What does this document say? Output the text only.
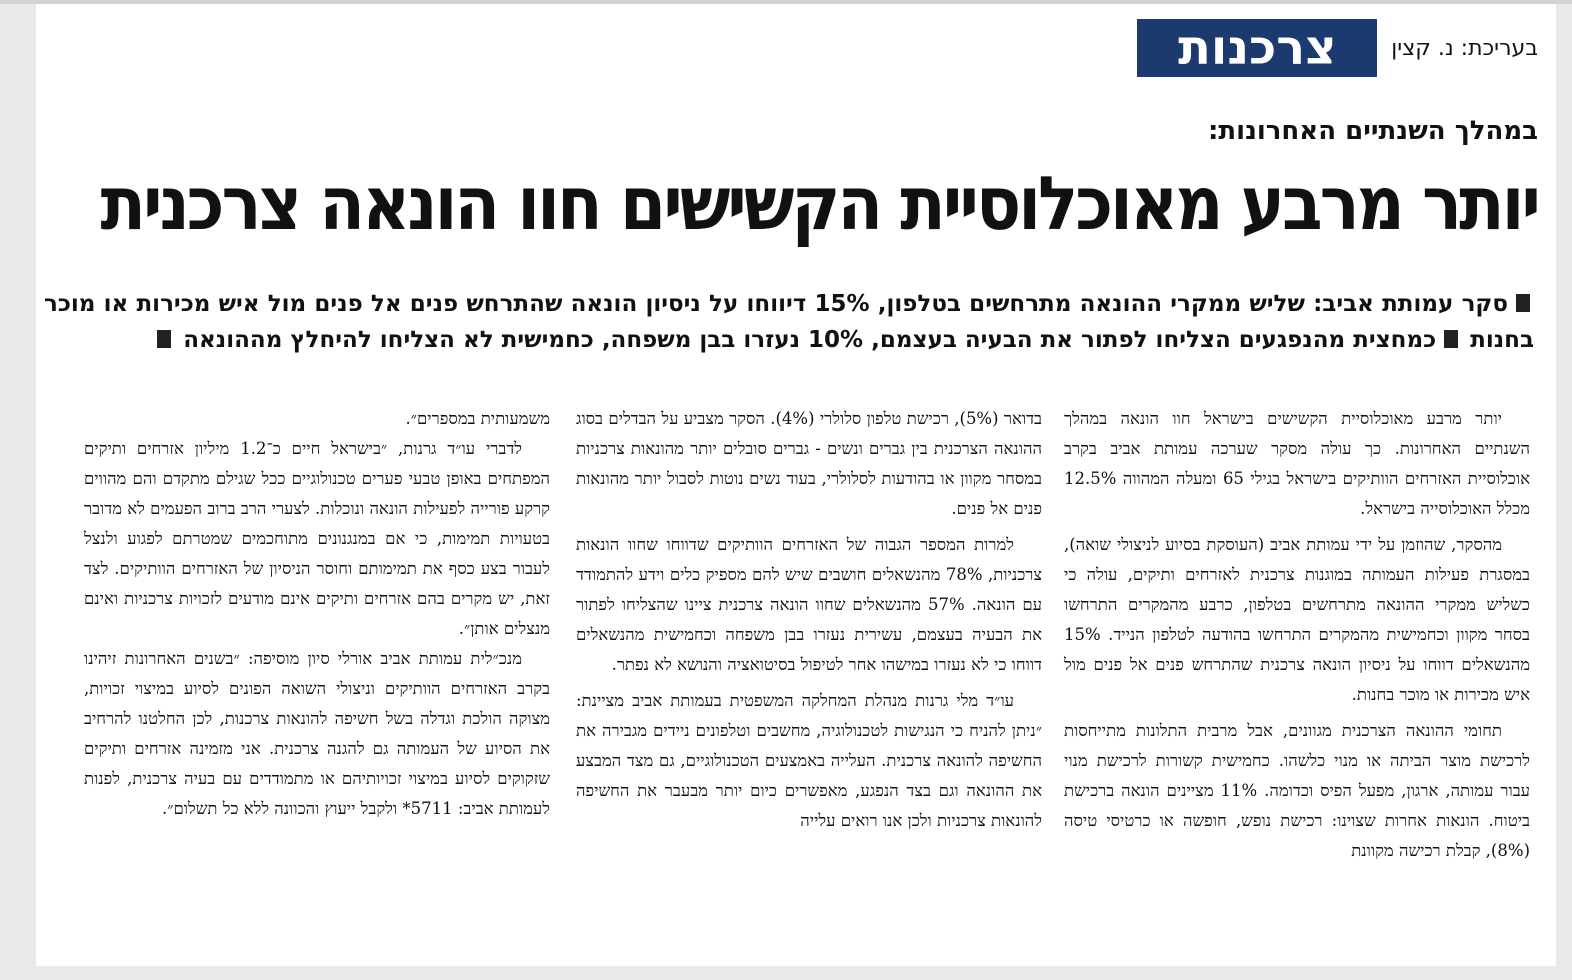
בעריכת: נ. קצין
צרכנות
במהלך השנתיים האחרונות:
יותר מרבע מאוכלוסיית הקשישים חוו הונאה צרכנית
סקר עמותת אביב: שליש ממקרי ההונאה מתרחשים בטלפון, 15% דיווחו על ניסיון הונאה שהתרחש פנים אל פנים מול איש מכירות או מוכר בחנות כמחצית מהנפגעים הצליחו לפתור את הבעיה בעצמם, 10% נעזרו בבן משפחה, כחמישית לא הצליחו להיחלץ מההונאה

יותר מרבע מאוכלוסיית הקשישים בישראל חוו הונאה במהלך השנתיים האחרונות. כך עולה מסקר שערכה עמותת אביב בקרב אוכלוסיית האזרחים הוותיקים בישראל בגילי 65 ומעלה המהווה 12.5% מכלל האוכלוסייה בישראל.

מהסקר, שהוזמן על ידי עמותת אביב (העוסקת בסיוע לניצולי שואה), במסגרת פעילות העמותה במוגנות צרכנית לאזרחים ותיקים, עולה כי כשליש ממקרי ההונאה מתרחשים בטלפון, כרבע מהמקרים התרחשו בסחר מקוון וכחמישית מהמקרים התרחשו בהודעה לטלפון הנייד. 15% מהנשאלים דווחו על ניסיון הונאה צרכנית שהתרחש פנים אל פנים מול איש מכירות או מוכר בחנות.

תחומי ההונאה הצרכנית מגוונים, אבל מרבית התלונות מתייחסות לרכישת מוצר הביתה או מנוי כלשהו. כחמישית קשורות לרכישת מנוי עבור עמותה, ארגון, מפעל הפיס וכדומה. 11% מציינים הונאה ברכישת ביטוח. הונאות אחרות שצוינו: רכישת נופש, חופשה או כרטיסי טיסה (8%), קבלת רכישה מקוונת

בדואר (5%), רכישת טלפון סלולרי (4%). הסקר מצביע על הבדלים בסוג ההונאה הצרכנית בין גברים ונשים - גברים סובלים יותר מהונאות צרכניות במסחר מקוון או בהודעות לסלולרי, בעוד נשים נוטות לסבול יותר מהונאות פנים אל פנים.

למרות המספר הגבוה של האזרחים הוותיקים שדווחו שחוו הונאות צרכניות, 78% מהנשאלים חושבים שיש להם מספיק כלים וידע להתמודד עם הונאה. 57% מהנשאלים שחוו הונאה צרכנית ציינו שהצליחו לפתור את הבעיה בעצמם, עשירית נעזרו בבן משפחה וכחמישית מהנשאלים דווחו כי לא נעזרו במישהו אחר לטיפול בסיטואציה והנושא לא נפתר.

עו״ד מלי גרנות מנהלת המחלקה המשפטית בעמותת אביב מציינת: ״ניתן להניח כי הנגישות לטכנולוגיה, מחשבים וטלפונים ניידים מגבירה את החשיפה להונאה צרכנית. העלייה באמצעים הטכנולוגיים, גם מצד המבצע את ההונאה וגם בצד הנפגע, מאפשרים כיום יותר מבעבר את החשיפה להונאות צרכניות ולכן אנו רואים עלייה

משמעותית במספרים״.

לדברי עו״ד גרנות, ״בישראל חיים כ־1.2 מיליון אזרחים ותיקים המפתחים באופן טבעי פערים טכנולוגיים ככל שגילם מתקדם והם מהווים קרקע פורייה לפעילות הונאה ונוכלות. לצערי הרב ברוב הפעמים לא מדובר בטעויות תמימות, כי אם במנגנונים מתוחכמים שמטרתם לפגוע ולנצל לעבור בצע כסף את תמימותם וחוסר הניסיון של האזרחים הוותיקים. לצד זאת, יש מקרים בהם אזרחים ותיקים אינם מודעים לזכויות צרכניות ואינם מנצלים אותן״.

מנכ״לית עמותת אביב אורלי סיון מוסיפה: ״בשנים האחרונות זיהינו בקרב האזרחים הוותיקים וניצולי השואה הפונים לסיוע במיצוי זכויות, מצוקה הולכת וגדלה בשל חשיפה להונאות צרכנות, לכן החלטנו להרחיב את הסיוע של העמותה גם להגנה צרכנית. אני מזמינה אזרחים ותיקים שזקוקים לסיוע במיצוי זכויותיהם או מתמודדים עם בעיה צרכנית, לפנות לעמותת אביב: 5711* ולקבל ייעוץ והכוונה ללא כל תשלום״.
